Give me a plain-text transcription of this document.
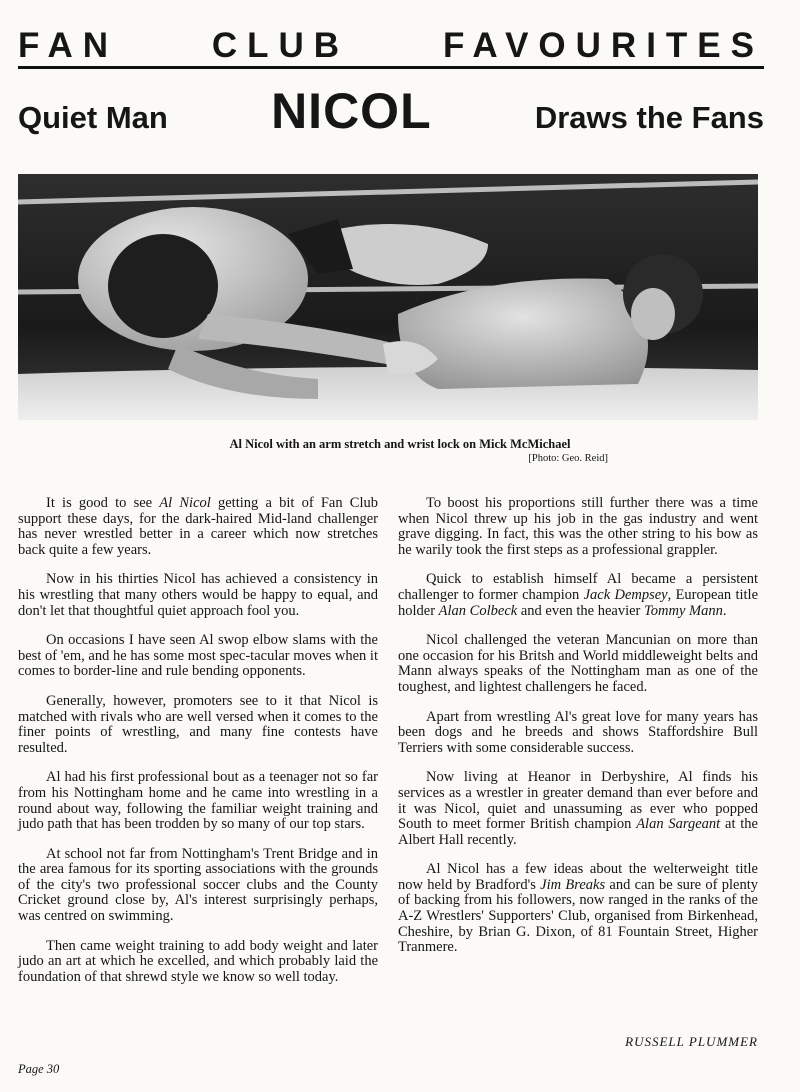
FAN CLUB FAVOURITES
Quiet Man NICOL	Draws the Fans
Al Nicol with an arm stretch and wrist lock on Mick McMichael
[Photo: Geo. Reid]

It is good to see Al Nicol getting a bit of Fan Club support these days, for the dark-haired Mid-land challenger has never wrestled better in a career which now stretches back quite a few years.

Now in his thirties Nicol has achieved a consistency in his wrestling that many others would be happy to equal, and don't let that thoughtful quiet approach fool you.

On occasions I have seen Al swop elbow slams with the best of 'em, and he has some most spec-tacular moves when it comes to border-line and rule bending opponents.

Generally, however, promoters see to it that Nicol is matched with rivals who are well versed when it comes to the finer points of wrestling, and many fine contests have resulted.

Al had his first professional bout as a teenager not so far from his Nottingham home and he came into wrestling in a round about way, following the familiar weight training and judo path that has been trodden by so many of our top stars.

At school not far from Nottingham's Trent Bridge and in the area famous for its sporting associations with the grounds of the city's two professional soccer clubs and the County Cricket ground close by, Al's interest surprisingly perhaps, was centred on swimming.

Then came weight training to add body weight and later judo an art at which he excelled, and which probably laid the foundation of that shrewd style we know so well today.

To boost his proportions still further there was a time when Nicol threw up his job in the gas industry and went grave digging. In fact, this was the other string to his bow as he warily took the first steps as a professional grappler.

Quick to establish himself Al became a persistent challenger to former champion Jack Dempsey, European title holder Alan Colbeck and even the heavier Tommy Mann.

Nicol challenged the veteran Mancunian on more than one occasion for his Britsh and World middleweight belts and Mann always speaks of the Nottingham man as one of the toughest, and lightest challengers he faced.

Apart from wrestling Al's great love for many years has been dogs and he breeds and shows Staffordshire Bull Terriers with some considerable success.

Now living at Heanor in Derbyshire, Al finds his services as a wrestler in greater demand than ever before and it was Nicol, quiet and unassuming as ever who popped South to meet former British champion Alan Sargeant at the Albert Hall recently.

Al Nicol has a few ideas about the welterweight title now held by Bradford's Jim Breaks and can be sure of plenty of backing from his followers, now ranged in the ranks of the A-Z Wrestlers' Supporters' Club, organised from Birkenhead, Cheshire, by Brian G. Dixon, of 81 Fountain Street, Higher Tranmere.

RUSSELL PLUMMER
Page 30
